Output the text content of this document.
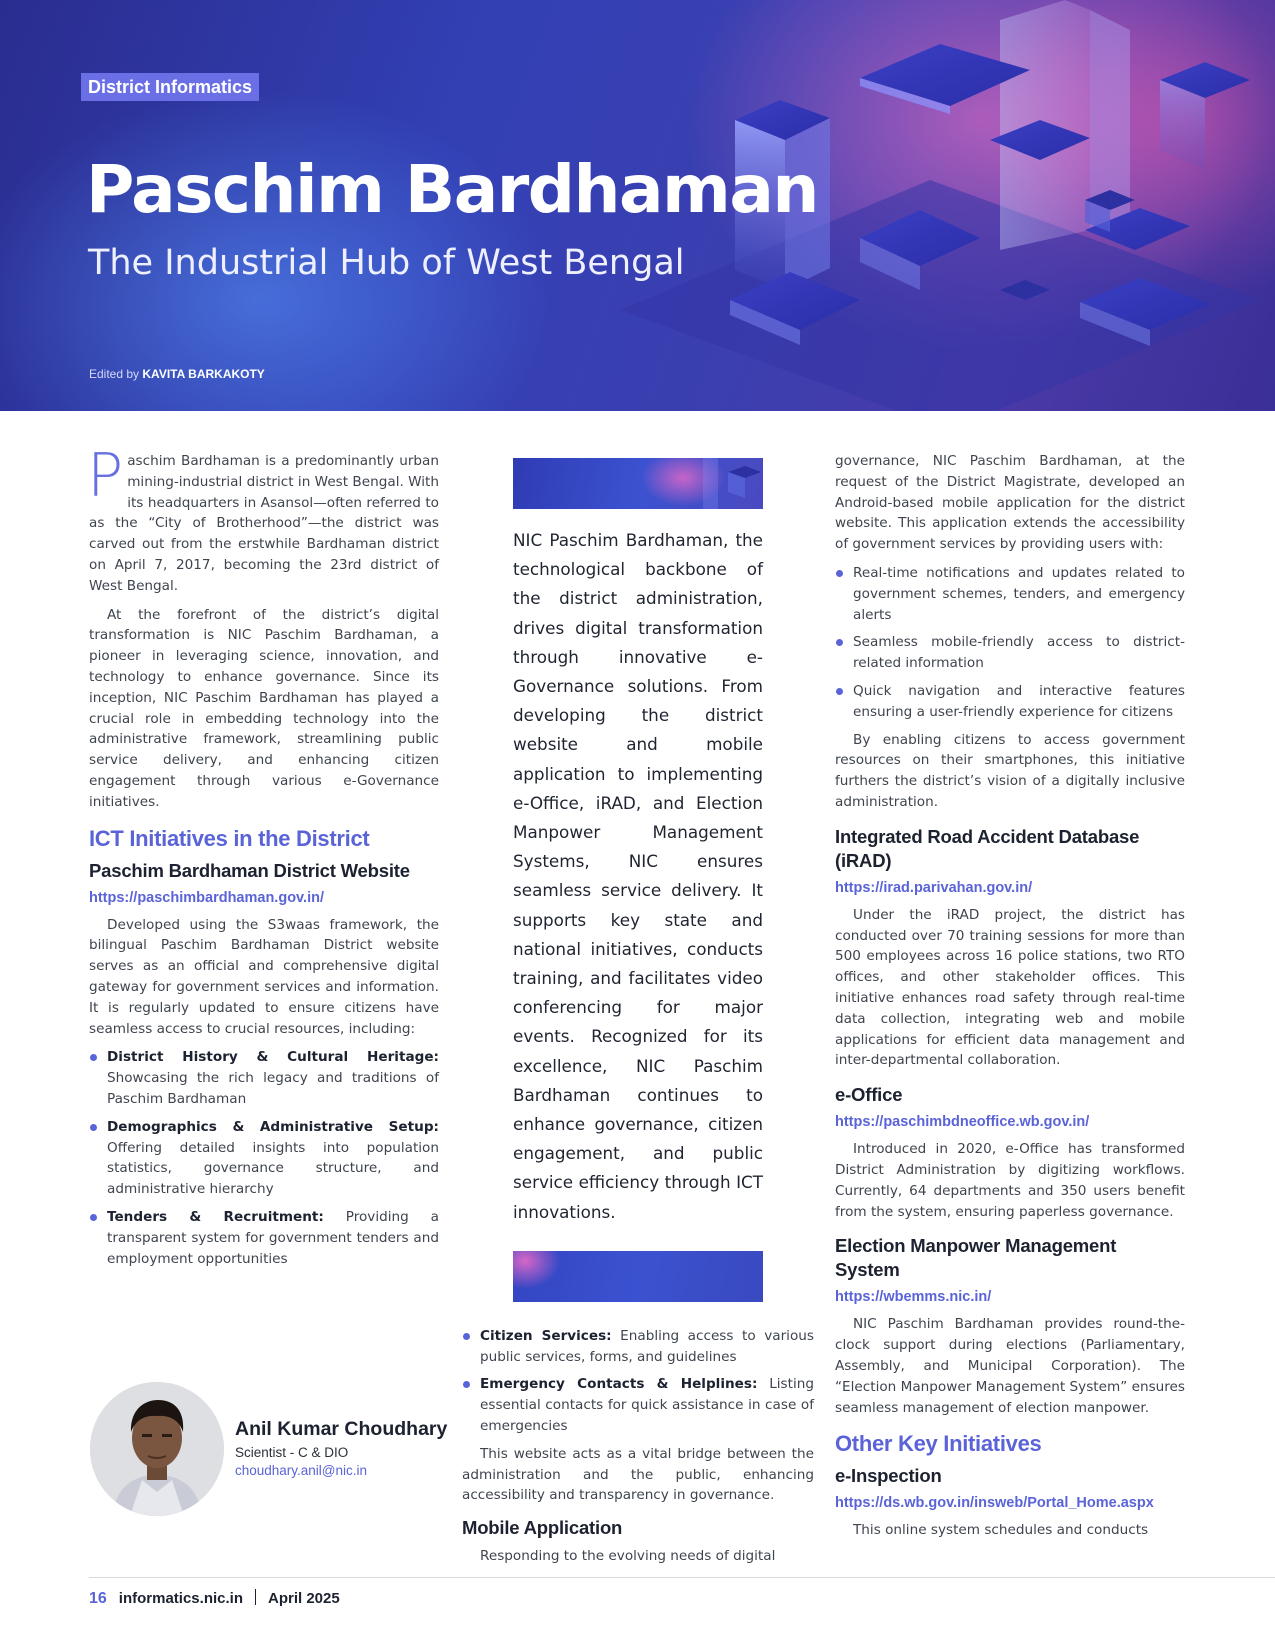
District Informatics
Paschim Bardhaman
The Industrial Hub of West Bengal
Edited by KAVITA BARKAKOTY

Paschim Bardhaman is a predominantly urban mining-industrial district in West Bengal. With its headquarters in Asansol—often referred to as the “City of Brotherhood”—the district was carved out from the erstwhile Bardhaman district on April 7, 2017, becoming the 23rd district of West Bengal.

At the forefront of the district’s digital transformation is NIC Paschim Bardhaman, a pioneer in leveraging science, innovation, and technology to enhance governance. Since its inception, NIC Paschim Bardhaman has played a crucial role in embedding technology into the administrative framework, streamlining public service delivery, and enhancing citizen engagement through various e-Governance initiatives.

ICT Initiatives in the District
Paschim Bardhaman District Website
https://paschimbardhaman.gov.in/

Developed using the S3waas framework, the bilingual Paschim Bardhaman District website serves as an official and comprehensive digital gateway for government services and information. It is regularly updated to ensure citizens have seamless access to crucial resources, including:

District History & Cultural Heritage: Showcasing the rich legacy and traditions of Paschim Bardhaman
Demographics & Administrative Setup: Offering detailed insights into population statistics, governance structure, and administrative hierarchy
Tenders & Recruitment: Providing a transparent system for government tenders and employment opportunities
NIC Paschim Bardhaman, the technological backbone of the district administration, drives digital transformation through innovative e-Governance solutions. From developing the district website and mobile application to implementing e-Office, iRAD, and Election Manpower Management Systems, NIC ensures seamless service delivery. It supports key state and national initiatives, conducts training, and facilitates video conferencing for major events. Recognized for its excellence, NIC Paschim Bardhaman continues to enhance governance, citizen engagement, and public service efficiency through ICT innovations.
Citizen Services: Enabling access to various public services, forms, and guidelines
Emergency Contacts & Helplines: Listing essential contacts for quick assistance in case of emergencies

This website acts as a vital bridge between the administration and the public, enhancing accessibility and transparency in governance.

Mobile Application

Responding to the evolving needs of digital

governance, NIC Paschim Bardhaman, at the request of the District Magistrate, developed an Android-based mobile application for the district website. This application extends the accessibility of government services by providing users with:

Real-time notifications and updates related to government schemes, tenders, and emergency alerts
Seamless mobile-friendly access to district-related information
Quick navigation and interactive features ensuring a user-friendly experience for citizens

By enabling citizens to access government resources on their smartphones, this initiative furthers the district’s vision of a digitally inclusive administration.

Integrated Road Accident Database (iRAD)
https://irad.parivahan.gov.in/

Under the iRAD project, the district has conducted over 70 training sessions for more than 500 employees across 16 police stations, two RTO offices, and other stakeholder offices. This initiative enhances road safety through real-time data collection, integrating web and mobile applications for efficient data management and inter-departmental collaboration.

e-Office
https://paschimbdneoffice.wb.gov.in/

Introduced in 2020, e-Office has transformed District Administration by digitizing workflows. Currently, 64 departments and 350 users benefit from the system, ensuring paperless governance.

Election Manpower Management System
https://wbemms.nic.in/

NIC Paschim Bardhaman provides round-the-clock support during elections (Parliamentary, Assembly, and Municipal Corporation). The “Election Manpower Management System” ensures seamless management of election manpower.

Other Key Initiatives
e-Inspection
https://ds.wb.gov.in/insweb/Portal_Home.aspx

This online system schedules and conducts

Anil Kumar Choudhary
Scientist - C & DIO
choudhary.anil@nic.in
16 informatics.nic.in April 2025
